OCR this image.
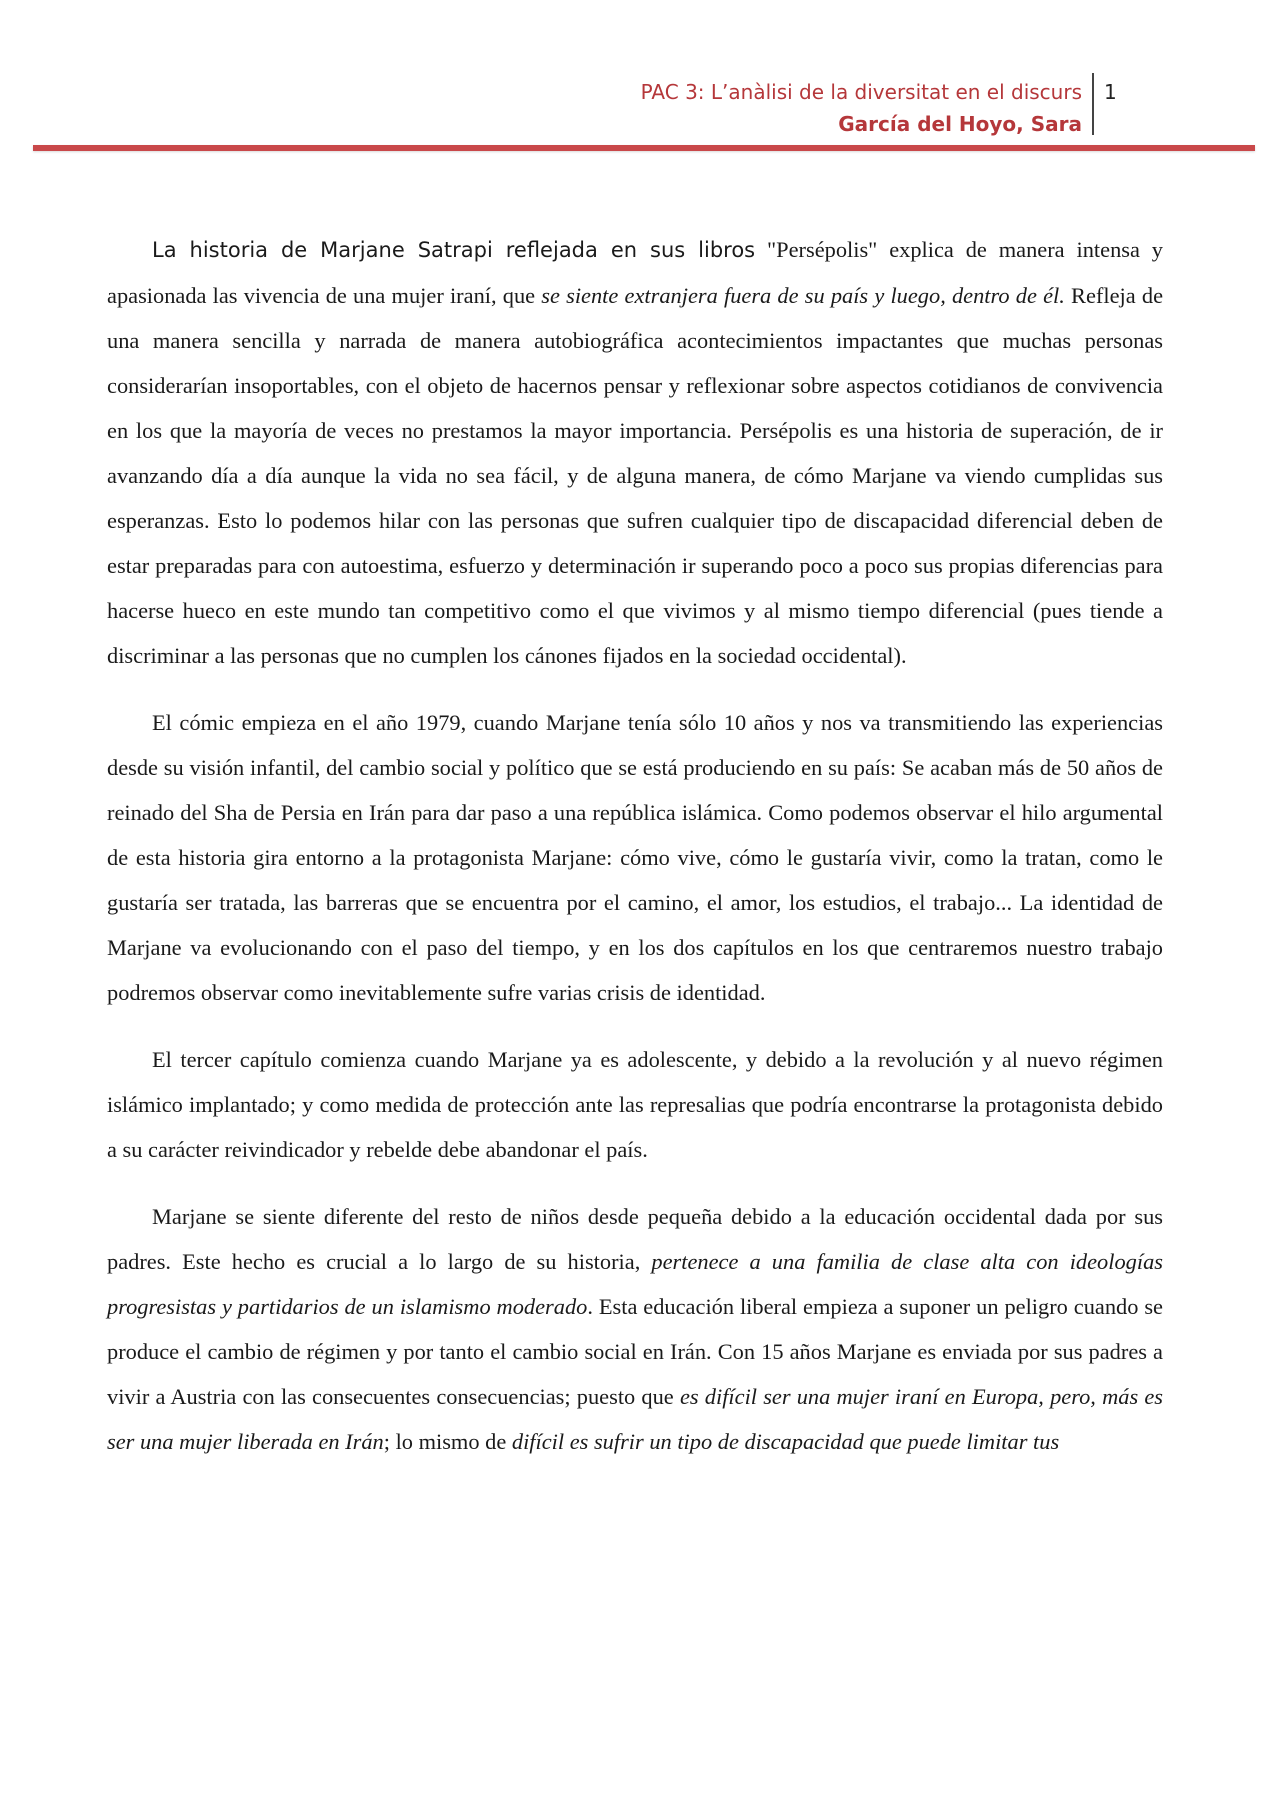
PAC 3: L’anàlisi de la diversitat en el discurs
García del Hoyo, Sara
1

La historia de Marjane Satrapi reflejada en sus libros "Persépolis" explica de manera intensa y apasionada las vivencia de una mujer iraní, que se siente extranjera fuera de su país y luego, dentro de él. Refleja de una manera sencilla y narrada de manera autobiográfica acontecimientos impactantes que muchas personas considerarían insoportables, con el objeto de hacernos pensar y reflexionar sobre aspectos cotidianos de convivencia en los que la mayoría de veces no prestamos la mayor importancia. Persépolis es una historia de superación, de ir avanzando día a día aunque la vida no sea fácil, y de alguna manera, de cómo Marjane va viendo cumplidas sus esperanzas. Esto lo podemos hilar con las personas que sufren cualquier tipo de discapacidad diferencial deben de estar preparadas para con autoestima, esfuerzo y determinación ir superando poco a poco sus propias diferencias para hacerse hueco en este mundo tan competitivo como el que vivimos y al mismo tiempo diferencial (pues tiende a discriminar a las personas que no cumplen los cánones fijados en la sociedad occidental).

El cómic empieza en el año 1979, cuando Marjane tenía sólo 10 años y nos va transmitiendo las experiencias desde su visión infantil, del cambio social y político que se está produciendo en su país: Se acaban más de 50 años de reinado del Sha de Persia en Irán para dar paso a una república islámica. Como podemos observar el hilo argumental de esta historia gira entorno a la protagonista Marjane: cómo vive, cómo le gustaría vivir, como la tratan, como le gustaría ser tratada, las barreras que se encuentra por el camino, el amor, los estudios, el trabajo... La identidad de Marjane va evolucionando con el paso del tiempo, y en los dos capítulos en los que centraremos nuestro trabajo podremos observar como inevitablemente sufre varias crisis de identidad.

El tercer capítulo comienza cuando Marjane ya es adolescente, y debido a la revolución y al nuevo régimen islámico implantado; y como medida de protección ante las represalias que podría encontrarse la protagonista debido a su carácter reivindicador y rebelde debe abandonar el país.

Marjane se siente diferente del resto de niños desde pequeña debido a la educación occidental dada por sus padres. Este hecho es crucial a lo largo de su historia, pertenece a una familia de clase alta con ideologías progresistas y partidarios de un islamismo moderado. Esta educación liberal empieza a suponer un peligro cuando se produce el cambio de régimen y por tanto el cambio social en Irán. Con 15 años Marjane es enviada por sus padres a vivir a Austria con las consecuentes consecuencias; puesto que es difícil ser una mujer iraní en Europa, pero, más es ser una mujer liberada en Irán; lo mismo de difícil es sufrir un tipo de discapacidad que puede limitar tus
